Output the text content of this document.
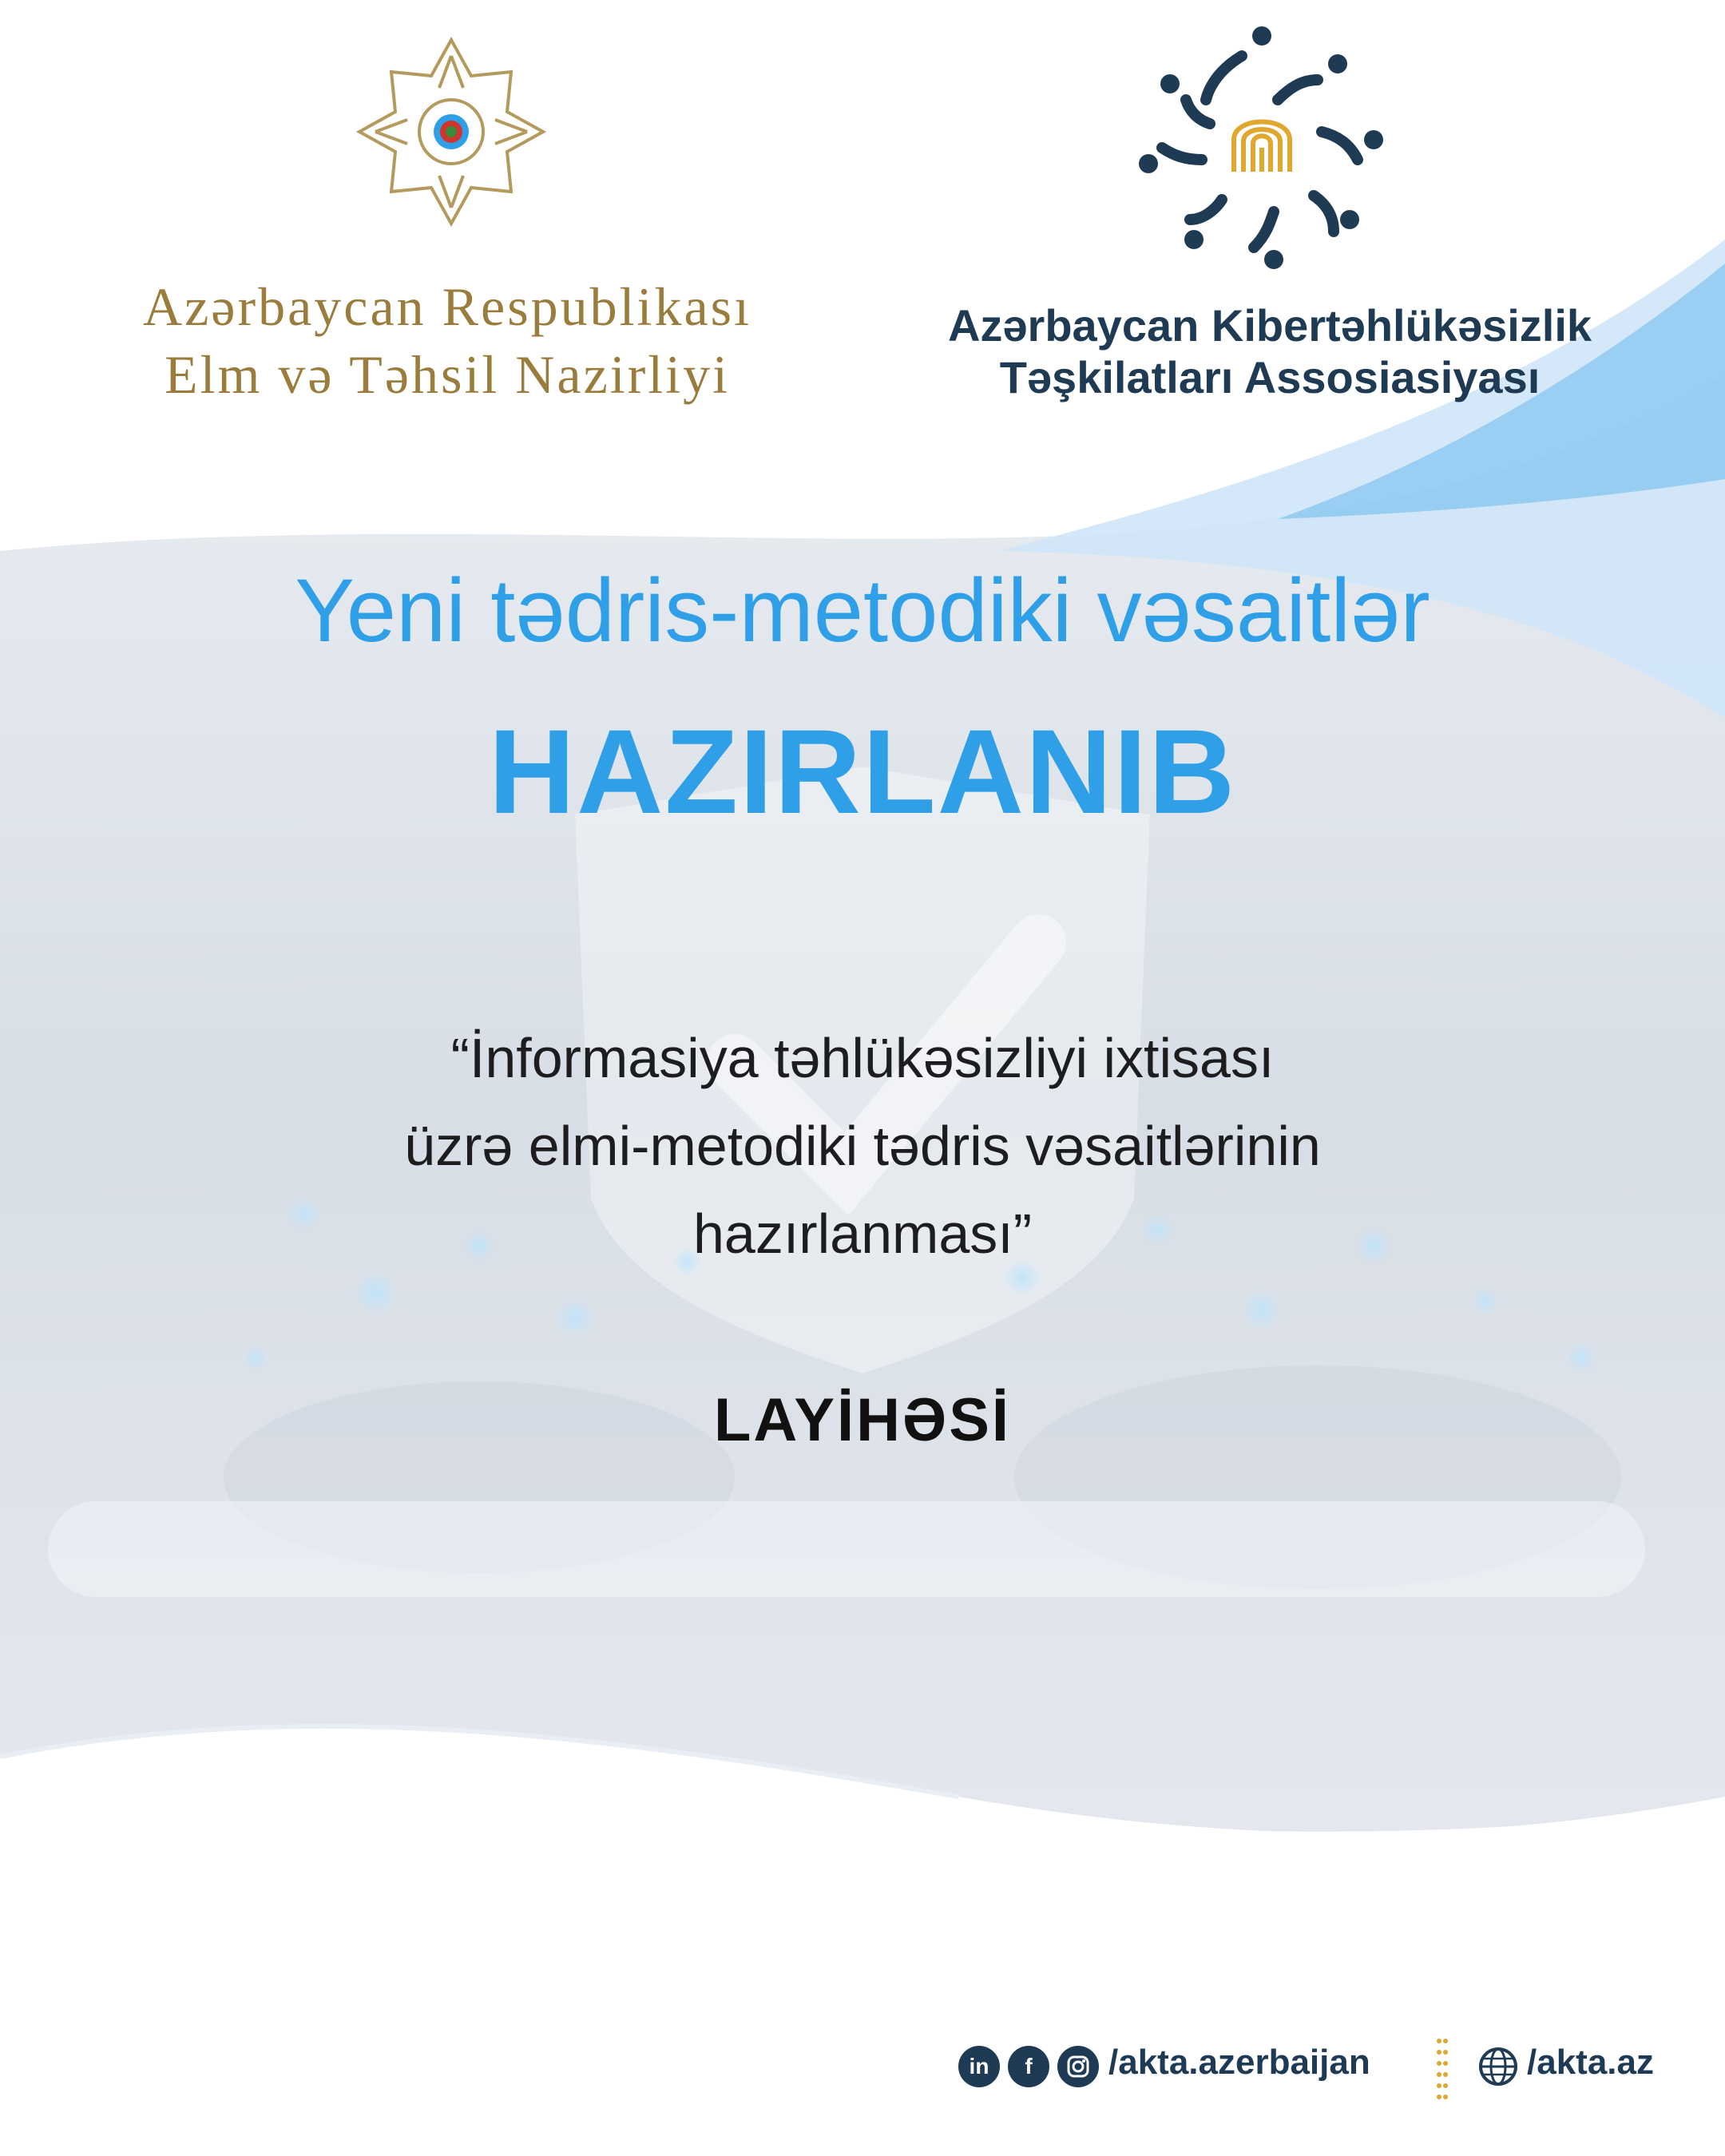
Azərbaycan Respublikası
Elm və Təhsil Nazirliyi
Azərbaycan Kibertəhlükəsizlik
Təşkilatları Assosiasiyası
Yeni tədris-metodiki vəsaitlər
HAZIRLANIB
“İnformasiya təhlükəsizliyi ixtisası
üzrə elmi-metodiki tədris vəsaitlərinin
hazırlanması”
LAYİHƏSİ
in	f	/akta.azerbaijan	/akta.az
